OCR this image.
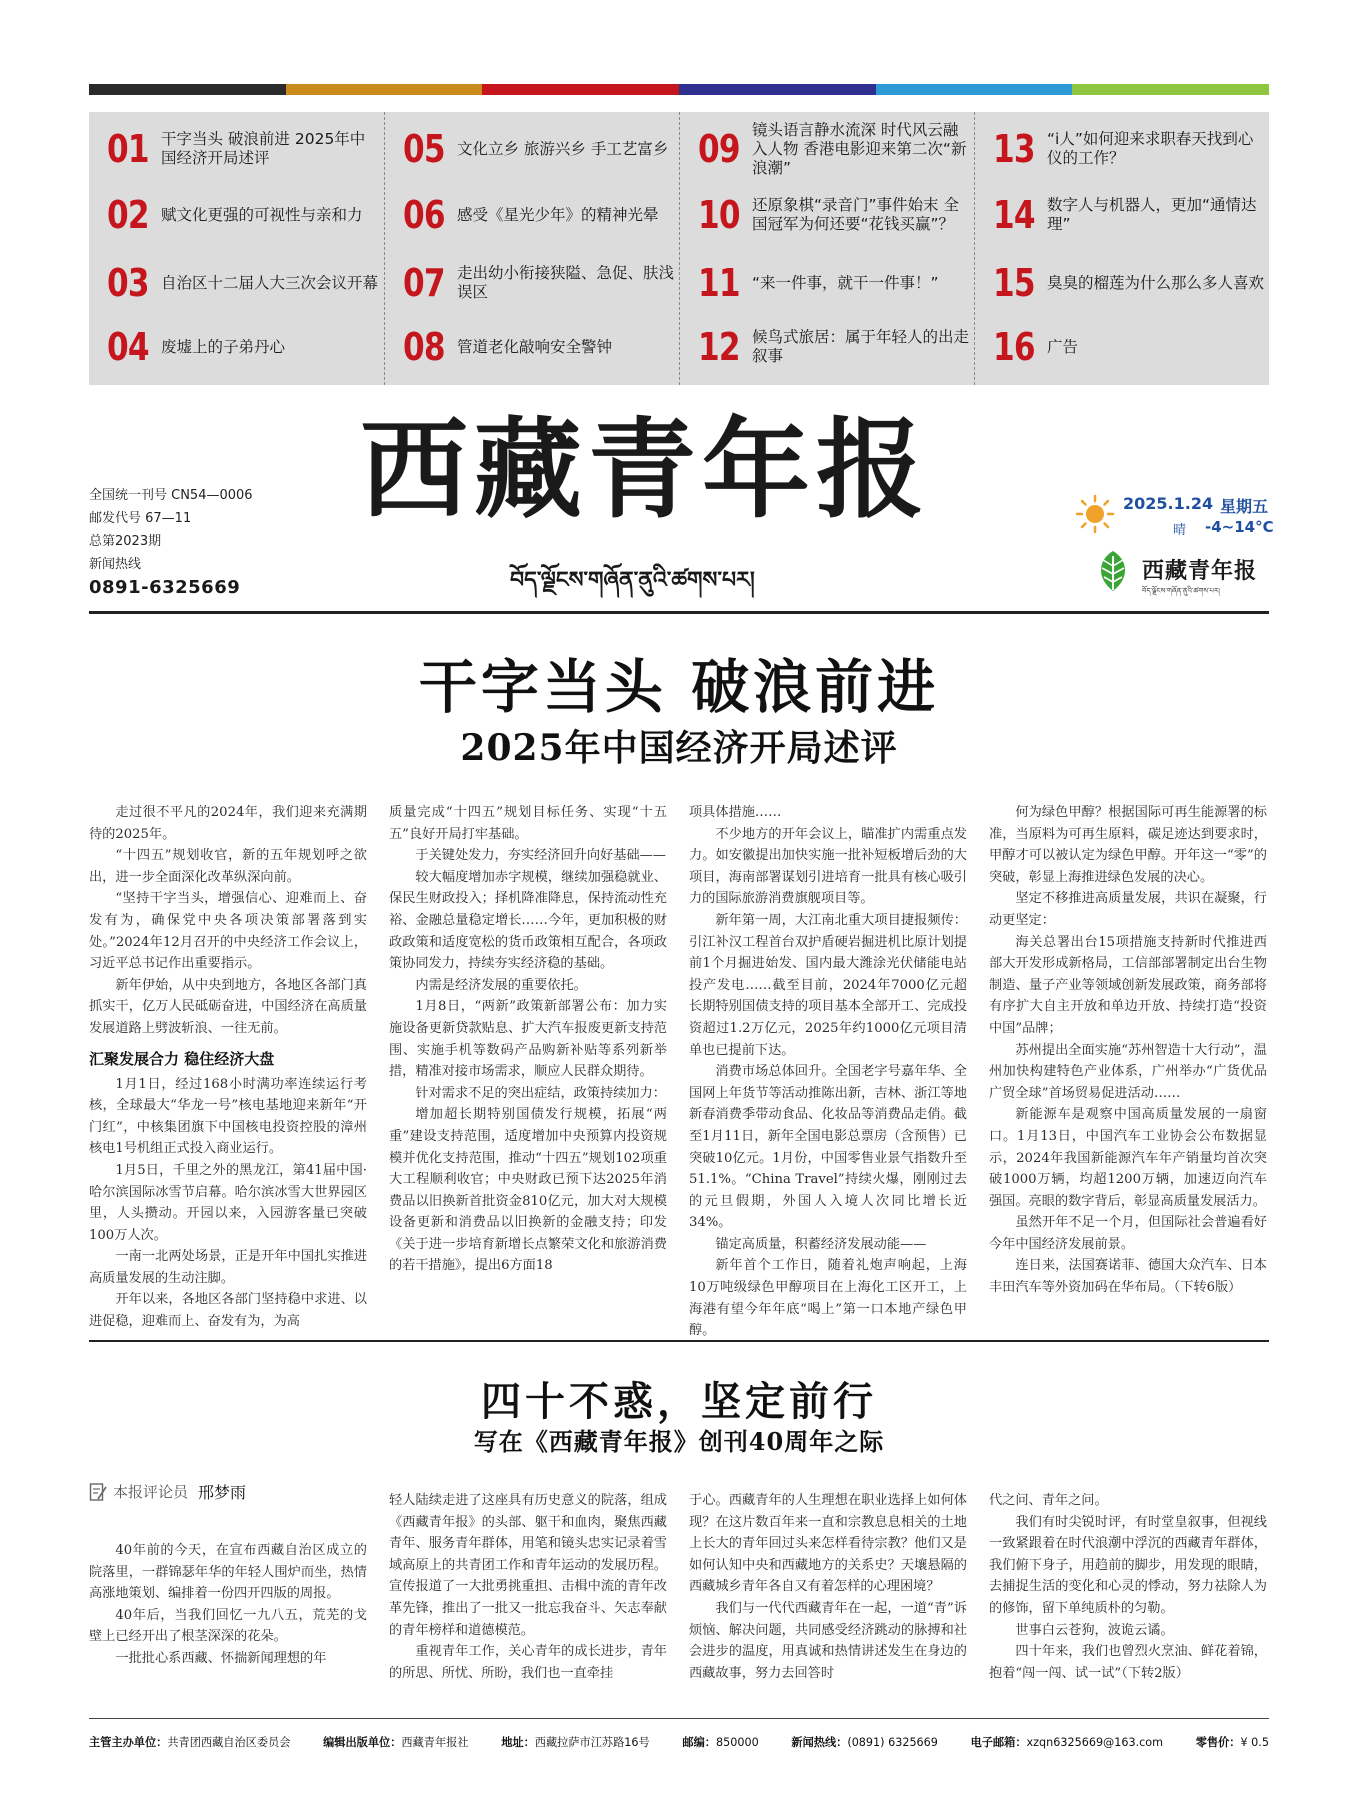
01 干字当头 破浪前进 2025年中国经济开局述评
02 赋文化更强的可视性与亲和力
03 自治区十二届人大三次会议开幕
04 废墟上的子弟丹心
05 文化立乡 旅游兴乡 手工艺富乡
06 感受《星光少年》的精神光晕
07 走出幼小衔接狭隘、急促、肤浅误区
08 管道老化敲响安全警钟
09 镜头语言静水流深 时代风云融入人物 香港电影迎来第二次“新浪潮”
10 还原象棋“录音门”事件始末 全国冠军为何还要“花钱买赢”？
11 “来一件事，就干一件事！”
12 候鸟式旅居：属于年轻人的出走叙事
13 “i人”如何迎来求职春天找到心仪的工作？
14 数字人与机器人，更加“通情达理”
15 臭臭的榴莲为什么那么多人喜欢
16 广告
西藏青年报
བོད་ལྗོངས་གཞོན་ནུའི་ཚགས་པར།
全国统一刊号 CN54—0006
邮发代号 67—11
总第2023期
新闻热线
0891-6325669
2025.1.24 星期五
晴 -4~14°C
西藏青年报
བོད་ལྗོངས་གཞོན་ནུའི་ཚགས་པར།
干字当头 破浪前进
2025年中国经济开局述评

走过很不平凡的2024年，我们迎来充满期待的2025年。

“十四五”规划收官，新的五年规划呼之欲出，进一步全面深化改革纵深向前。

“坚持干字当头，增强信心、迎难而上、奋发有为，确保党中央各项决策部署落到实处。”2024年12月召开的中央经济工作会议上，习近平总书记作出重要指示。

新年伊始，从中央到地方，各地区各部门真抓实干，亿万人民砥砺奋进，中国经济在高质量发展道路上劈波斩浪、一往无前。

汇聚发展合力 稳住经济大盘

1月1日，经过168小时满功率连续运行考核，全球最大“华龙一号”核电基地迎来新年“开门红”，中核集团旗下中国核电投资控股的漳州核电1号机组正式投入商业运行。

1月5日，千里之外的黑龙江，第41届中国·哈尔滨国际冰雪节启幕。哈尔滨冰雪大世界园区里，人头攒动。开园以来，入园游客量已突破100万人次。

一南一北两处场景，正是开年中国扎实推进高质量发展的生动注脚。

开年以来，各地区各部门坚持稳中求进、以进促稳，迎难而上、奋发有为，为高

质量完成“十四五”规划目标任务、实现“十五五”良好开局打牢基础。

于关键处发力，夯实经济回升向好基础——

较大幅度增加赤字规模，继续加强稳就业、保民生财政投入；择机降准降息，保持流动性充裕、金融总量稳定增长……今年，更加积极的财政政策和适度宽松的货币政策相互配合，各项政策协同发力，持续夯实经济稳的基础。

内需是经济发展的重要依托。

1月8日，“两新”政策新部署公布：加力实施设备更新贷款贴息、扩大汽车报废更新支持范围、实施手机等数码产品购新补贴等系列新举措，精准对接市场需求，顺应人民群众期待。

针对需求不足的突出症结，政策持续加力：

增加超长期特别国债发行规模，拓展“两重”建设支持范围，适度增加中央预算内投资规模并优化支持范围，推动“十四五”规划102项重大工程顺利收官；中央财政已预下达2025年消费品以旧换新首批资金810亿元，加大对大规模设备更新和消费品以旧换新的金融支持；印发《关于进一步培育新增长点繁荣文化和旅游消费的若干措施》，提出6方面18

项具体措施……

不少地方的开年会议上，瞄准扩内需重点发力。如安徽提出加快实施一批补短板增后劲的大项目，海南部署谋划引进培育一批具有核心吸引力的国际旅游消费旗舰项目等。

新年第一周，大江南北重大项目捷报频传：引江补汉工程首台双护盾硬岩掘进机比原计划提前1个月掘进始发、国内最大潍涂光伏储能电站投产发电……截至目前，2024年7000亿元超长期特别国债支持的项目基本全部开工、完成投资超过1.2万亿元，2025年约1000亿元项目清单也已提前下达。

消费市场总体回升。全国老字号嘉年华、全国网上年货节等活动推陈出新，吉林、浙江等地新春消费季带动食品、化妆品等消费品走俏。截至1月11日，新年全国电影总票房（含预售）已突破10亿元。1月份，中国零售业景气指数升至51.1%。“China Travel”持续火爆，刚刚过去的元旦假期，外国人入境人次同比增长近34%。

锚定高质量，积蓄经济发展动能——

新年首个工作日，随着礼炮声响起，上海10万吨级绿色甲醇项目在上海化工区开工，上海港有望今年年底“喝上”第一口本地产绿色甲醇。

何为绿色甲醇？根据国际可再生能源署的标准，当原料为可再生原料，碳足迹达到要求时，甲醇才可以被认定为绿色甲醇。开年这一“零”的突破，彰显上海推进绿色发展的决心。

坚定不移推进高质量发展，共识在凝聚，行动更坚定：

海关总署出台15项措施支持新时代推进西部大开发形成新格局，工信部部署制定出台生物制造、量子产业等领域创新发展政策，商务部将有序扩大自主开放和单边开放、持续打造“投资中国”品牌；

苏州提出全面实施“苏州智造十大行动”，温州加快构建特色产业体系，广州举办“广货优品 广贸全球”首场贸易促进活动……

新能源车是观察中国高质量发展的一扇窗口。1月13日，中国汽车工业协会公布数据显示，2024年我国新能源汽车年产销量均首次突破1000万辆，均超1200万辆，加速迈向汽车强国。亮眼的数字背后，彰显高质量发展活力。

虽然开年不足一个月，但国际社会普遍看好今年中国经济发展前景。

连日来，法国赛诺菲、德国大众汽车、日本丰田汽车等外资加码在华布局。（下转6版）

四十不惑，坚定前行
写在《西藏青年报》创刊40周年之际
本报评论员 邢梦雨

40年前的今天，在宣布西藏自治区成立的院落里，一群锦瑟年华的年轻人围炉而坐，热情高涨地策划、编排着一份四开四版的周报。

40年后，当我们回忆一九八五，荒芜的戈壁上已经开出了根茎深深的花朵。

一批批心系西藏、怀揣新闻理想的年

轻人陆续走进了这座具有历史意义的院落，组成《西藏青年报》的头部、躯干和血肉，聚焦西藏青年、服务青年群体，用笔和镜头忠实记录着雪域高原上的共青团工作和青年运动的发展历程。宣传报道了一大批勇挑重担、击楫中流的青年改革先锋，推出了一批又一批忘我奋斗、矢志奉献的青年榜样和道德模范。

重视青年工作，关心青年的成长进步，青年的所思、所忧、所盼，我们也一直牵挂

于心。西藏青年的人生理想在职业选择上如何体现？在这片数百年来一直和宗教息息相关的土地上长大的青年回过头来怎样看待宗教？他们又是如何认知中央和西藏地方的关系史？天壤悬隔的西藏城乡青年各自又有着怎样的心理困境？

我们与一代代西藏青年在一起，一道“青”诉烦恼、解决问题，共同感受经济跳动的脉搏和社会进步的温度，用真诚和热情讲述发生在身边的西藏故事，努力去回答时

代之问、青年之问。

我们有时尖锐时评，有时堂皇叙事，但视线一致紧跟着在时代浪潮中浮沉的西藏青年群体，我们俯下身子，用趋前的脚步，用发现的眼睛，去捕捉生活的变化和心灵的悸动，努力祛除人为的修饰，留下单纯质朴的匀勒。

世事白云苍狗，波诡云谲。

四十年来，我们也曾烈火烹油、鲜花着锦，抱着“闯一闯、试一试”（下转2版）

主管主办单位：共青团西藏自治区委员会	编辑出版单位：西藏青年报社	地址：西藏拉萨市江苏路16号	邮编：850000	新闻热线：(0891) 6325669	电子邮箱：xzqn6325669@163.com	零售价：¥ 0.5
